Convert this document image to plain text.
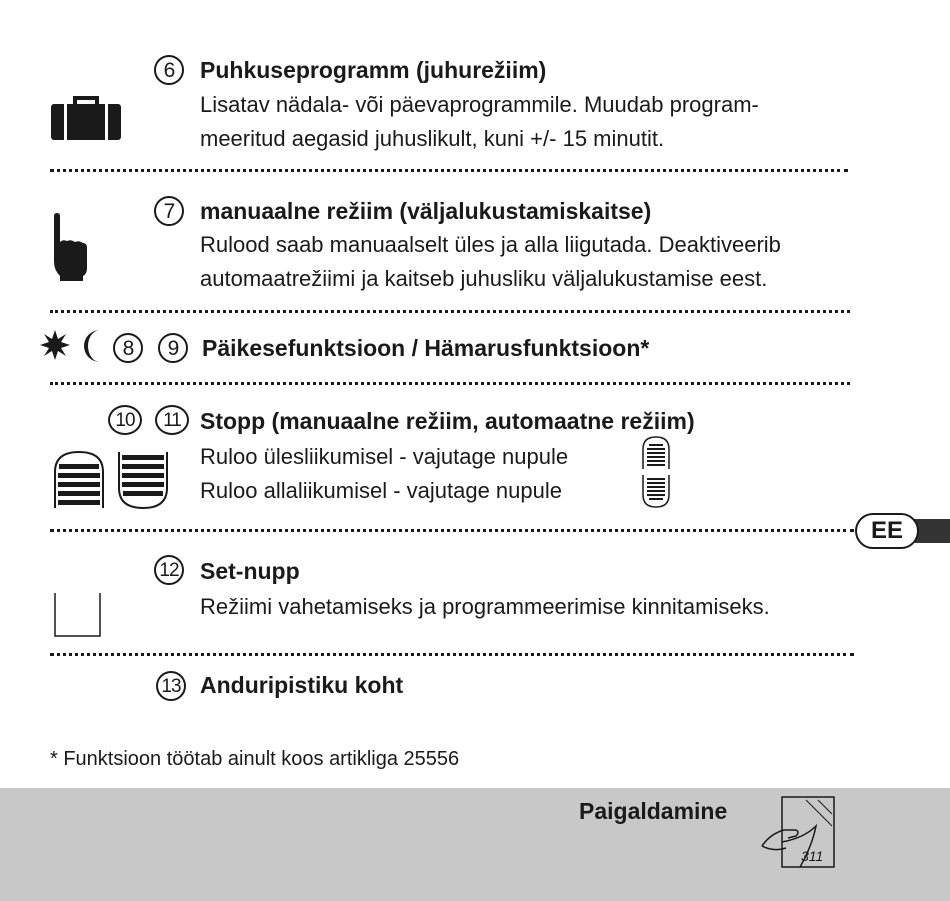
6	Puhkuseprogramm (juhurežiim)
Lisatav nädala- või päevaprogrammile. Muudab program-
meeritud aegasid juhuslikult, kuni +/- 15 minutit.
7	manuaalne režiim (väljalukustamiskaitse)
Rulood saab manuaalselt üles ja alla liigutada. Deaktiveerib
automaatrežiimi ja kaitseb juhusliku väljalukustamise eest.
8	9	Päikesefunktsioon / Hämarusfunktsioon*
10	11 Stopp (manuaalne režiim, automaatne režiim)
Ruloo ülesliikumisel - vajutage nupule
Ruloo allaliikumisel - vajutage nupule
EE
12 Set-nupp
Režiimi vahetamiseks ja programmeerimise kinnitamiseks.
13 Anduripistiku koht
* Funktsioon töötab ainult koos artikliga 25556
Paigaldamine
311
